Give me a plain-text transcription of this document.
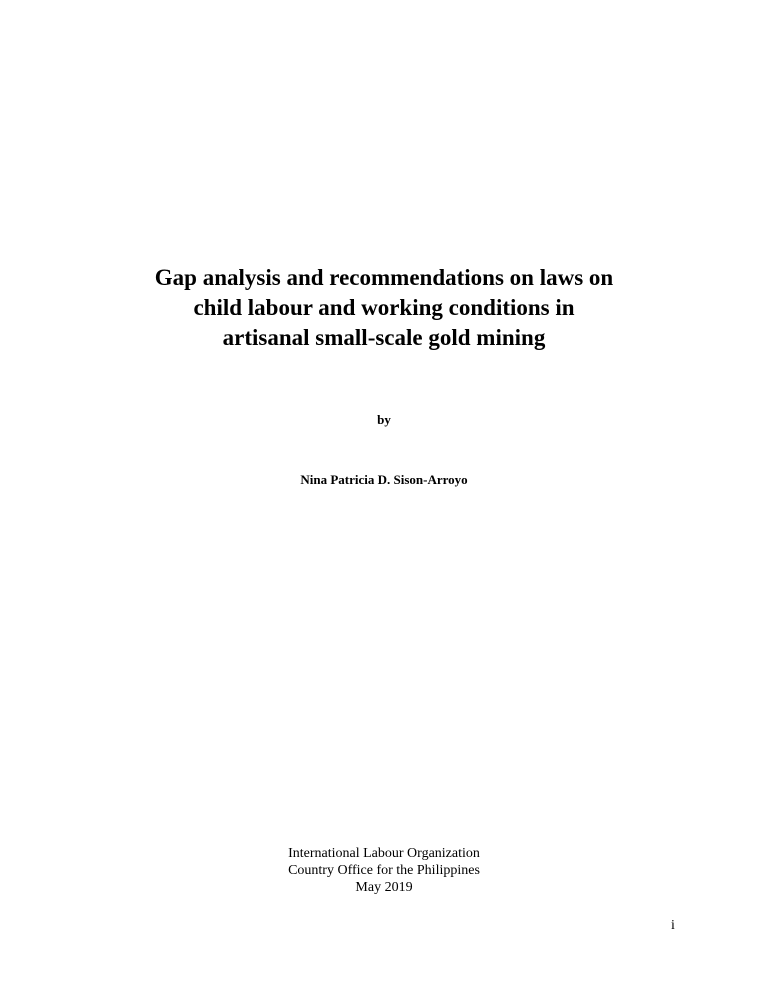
Gap analysis and recommendations on laws on
child labour and working conditions in
artisanal small-scale gold mining
by
Nina Patricia D. Sison-Arroyo
International Labour Organization
Country Office for the Philippines
May 2019
i
